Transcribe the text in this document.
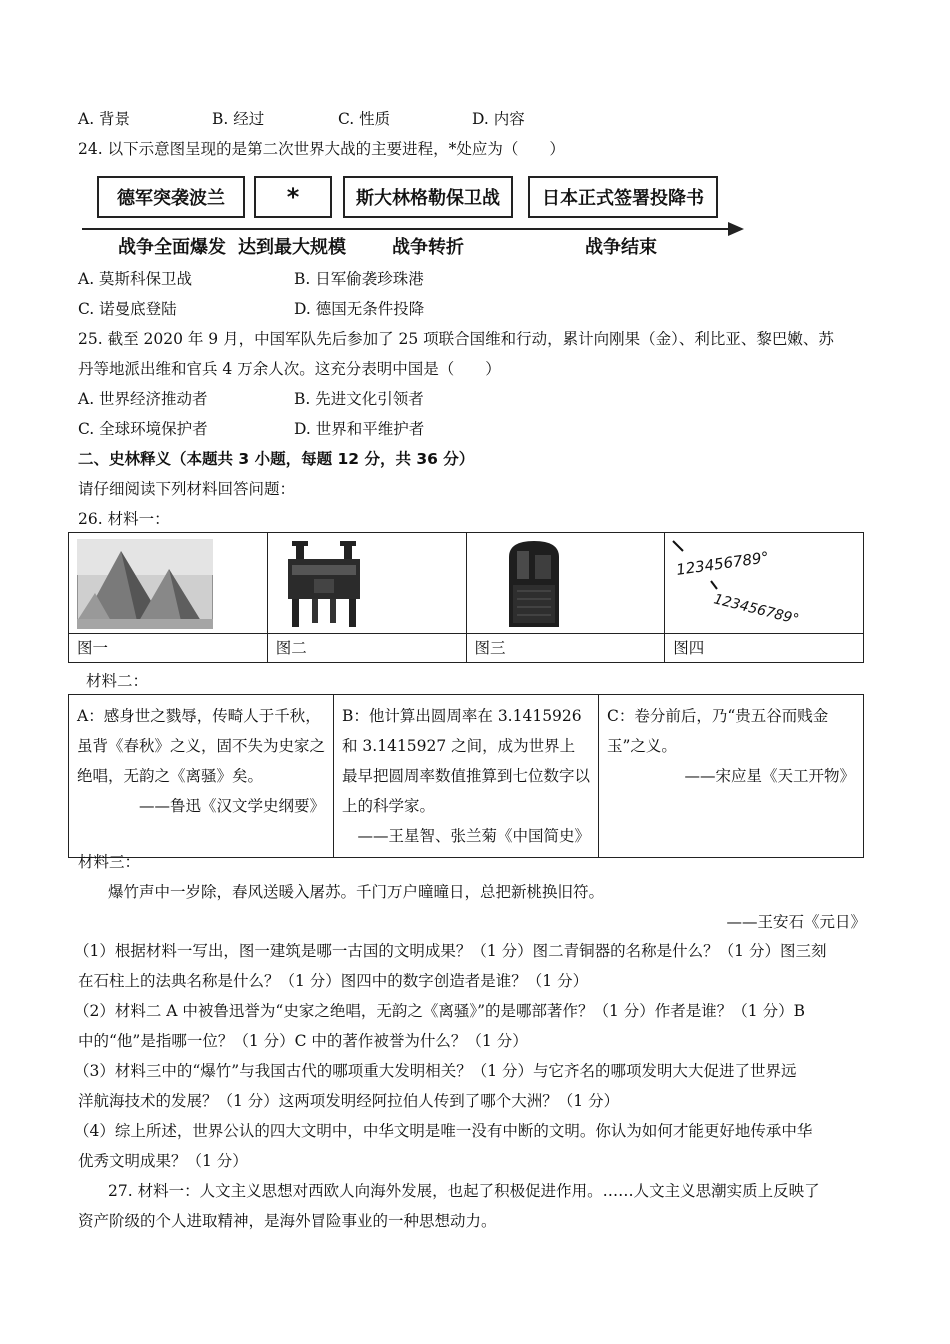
A. 背景	B. 经过	C. 性质	D. 内容
24. 以下示意图呈现的是第二次世界大战的主要进程，*处应为（　　）
德军突袭波兰	*	斯大林格勒保卫战	日本正式签署投降书
战争全面爆发 达到最大规模	战争转折	战争结束
A. 莫斯科保卫战	B. 日军偷袭珍珠港
C. 诺曼底登陆	D. 德国无条件投降
25. 截至 2020 年 9 月，中国军队先后参加了 25 项联合国维和行动，累计向刚果（金）、利比亚、黎巴嫩、苏
丹等地派出维和官兵 4 万余人次。这充分表明中国是（　　）
A. 世界经济推动者	B. 先进文化引领者
C. 全球环境保护者	D. 世界和平维护者
二、史林释义（本题共 3 小题，每题 12 分，共 36 分）
请仔细阅读下列材料回答问题：
26. 材料一：

123456789°
123456789°

图一	图二	图三	图四
材料二：
A：感身世之戮辱，传畸人于千秋，虽背《春秋》之义，固不失为史家之绝唱，无韵之《离骚》矣。
——鲁迅《汉文学史纲要》
	B：他计算出圆周率在 3.1415926 和 3.1415927 之间，成为世界上最早把圆周率数值推算到七位数字以上的科学家。
——王星智、张兰菊《中国简史》
	C：卷分前后，乃“贵五谷而贱金玉”之义。
——宋应星《天工开物》
材料三：
爆竹声中一岁除，春风送暖入屠苏。千门万户曈曈日，总把新桃换旧符。
——王安石《元日》
（1）根据材料一写出，图一建筑是哪一古国的文明成果？（1 分）图二青铜器的名称是什么？（1 分）图三刻
在石柱上的法典名称是什么？（1 分）图四中的数字创造者是谁？（1 分）
（2）材料二 A 中被鲁迅誉为“史家之绝唱，无韵之《离骚》”的是哪部著作？（1 分）作者是谁？（1 分）B
中的“他”是指哪一位？（1 分）C 中的著作被誉为什么？（1 分）
（3）材料三中的“爆竹”与我国古代的哪项重大发明相关？（1 分）与它齐名的哪项发明大大促进了世界远
洋航海技术的发展？（1 分）这两项发明经阿拉伯人传到了哪个大洲？（1 分）
（4）综上所述，世界公认的四大文明中，中华文明是唯一没有中断的文明。你认为如何才能更好地传承中华
优秀文明成果？（1 分）
27. 材料一：人文主义思想对西欧人向海外发展，也起了积极促进作用。……人文主义思潮实质上反映了
资产阶级的个人进取精神，是海外冒险事业的一种思想动力。
